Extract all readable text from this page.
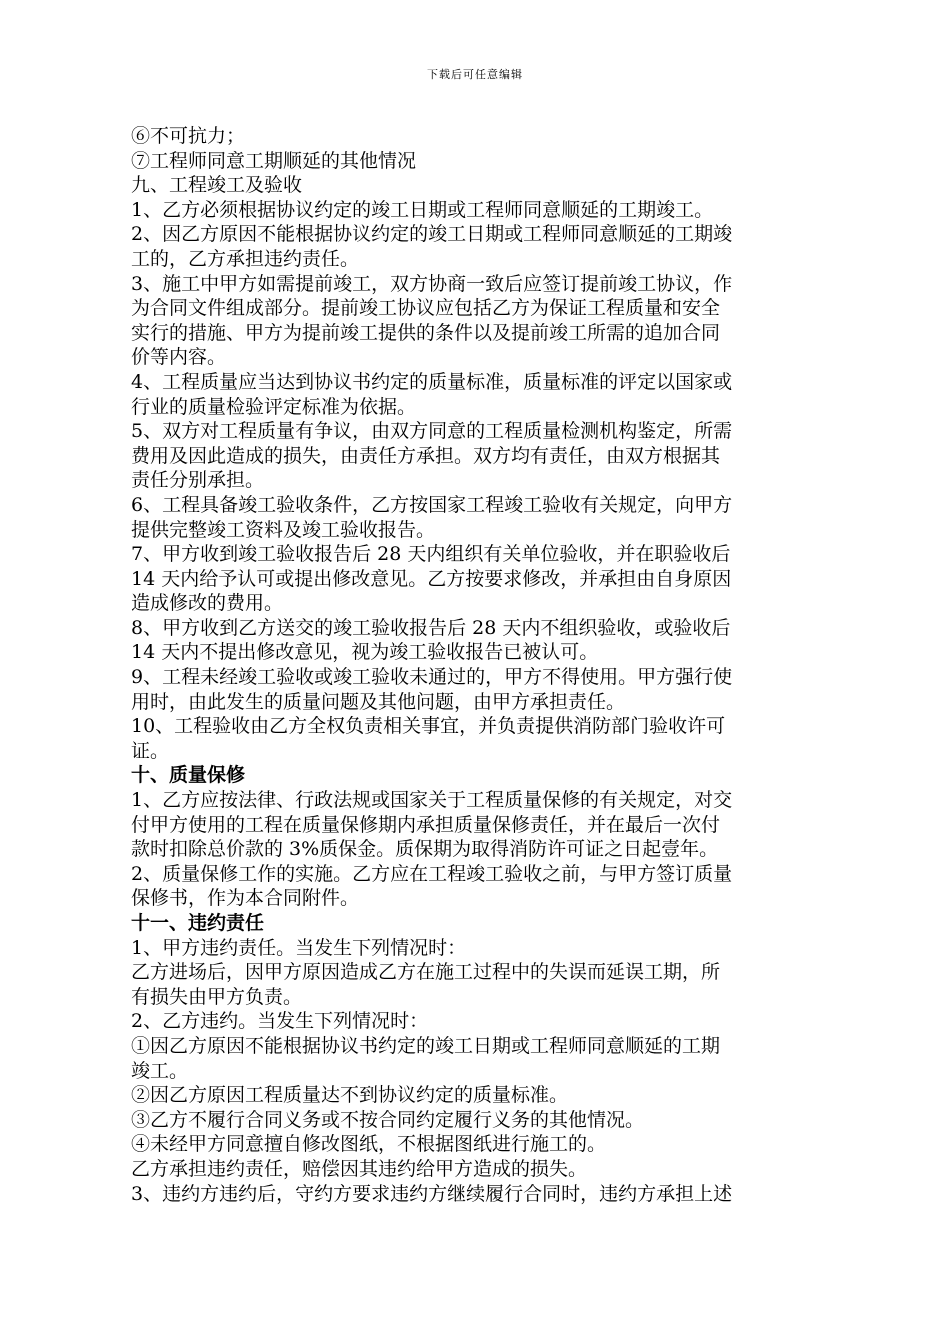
下载后可任意编辑
⑥不可抗力；
⑦工程师同意工期顺延的其他情况
九、工程竣工及验收
1、乙方必须根据协议约定的竣工日期或工程师同意顺延的工期竣工。
2、因乙方原因不能根据协议约定的竣工日期或工程师同意顺延的工期竣
工的，乙方承担违约责任。
3、施工中甲方如需提前竣工，双方协商一致后应签订提前竣工协议，作
为合同文件组成部分。提前竣工协议应包括乙方为保证工程质量和安全
实行的措施、甲方为提前竣工提供的条件以及提前竣工所需的追加合同
价等内容。
4、工程质量应当达到协议书约定的质量标准，质量标准的评定以国家或
行业的质量检验评定标准为依据。
5、双方对工程质量有争议，由双方同意的工程质量检测机构鉴定，所需
费用及因此造成的损失，由责任方承担。双方均有责任，由双方根据其
责任分别承担。
6、工程具备竣工验收条件，乙方按国家工程竣工验收有关规定，向甲方
提供完整竣工资料及竣工验收报告。
7、甲方收到竣工验收报告后 28 天内组织有关单位验收，并在职验收后
14 天内给予认可或提出修改意见。乙方按要求修改，并承担由自身原因
造成修改的费用。
8、甲方收到乙方送交的竣工验收报告后 28 天内不组织验收，或验收后
14 天内不提出修改意见，视为竣工验收报告已被认可。
9、工程未经竣工验收或竣工验收未通过的，甲方不得使用。甲方强行使
用时，由此发生的质量问题及其他问题，由甲方承担责任。
10、工程验收由乙方全权负责相关事宜，并负责提供消防部门验收许可
证。
十、质量保修
1、乙方应按法律、行政法规或国家关于工程质量保修的有关规定，对交
付甲方使用的工程在质量保修期内承担质量保修责任，并在最后一次付
款时扣除总价款的 3%质保金。质保期为取得消防许可证之日起壹年。
2、质量保修工作的实施。乙方应在工程竣工验收之前，与甲方签订质量
保修书，作为本合同附件。
十一、违约责任
1、甲方违约责任。当发生下列情况时：
乙方进场后，因甲方原因造成乙方在施工过程中的失误而延误工期，所
有损失由甲方负责。
2、乙方违约。当发生下列情况时：
①因乙方原因不能根据协议书约定的竣工日期或工程师同意顺延的工期
竣工。
②因乙方原因工程质量达不到协议约定的质量标准。
③乙方不履行合同义务或不按合同约定履行义务的其他情况。
④未经甲方同意擅自修改图纸，不根据图纸进行施工的。
乙方承担违约责任，赔偿因其违约给甲方造成的损失。
3、违约方违约后，守约方要求违约方继续履行合同时，违约方承担上述
